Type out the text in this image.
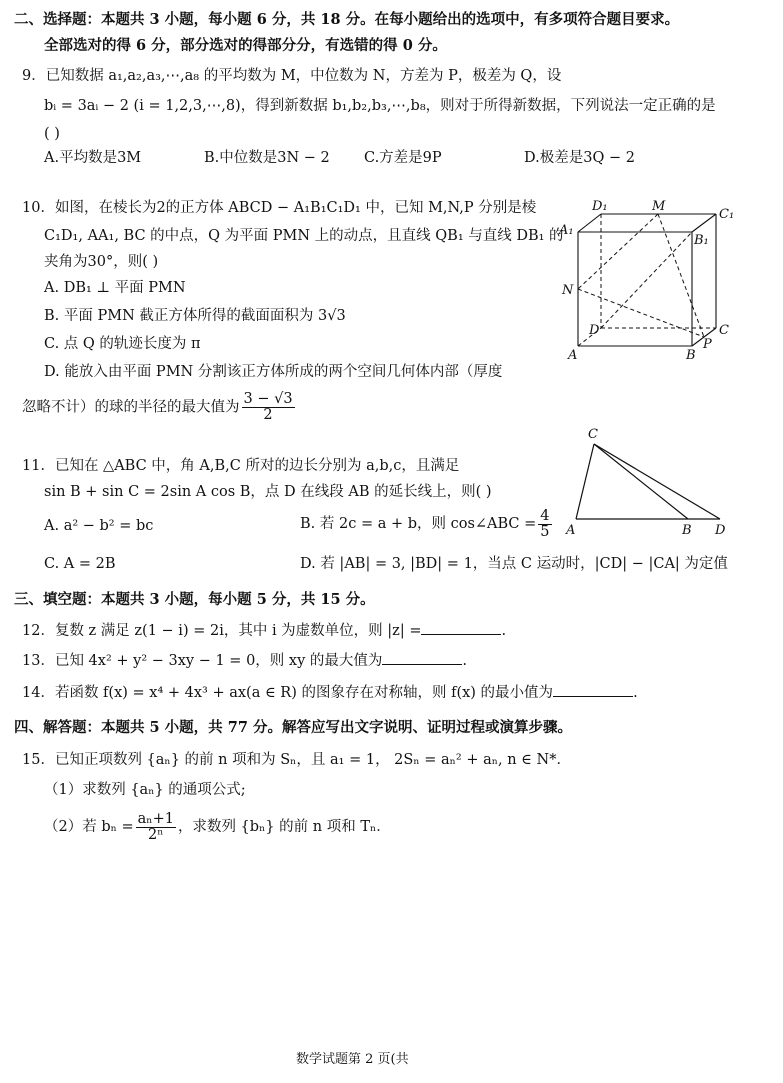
二、选择题：本题共 3 小题，每小题 6 分，共 18 分。在每小题给出的选项中，有多项符合题目要求。
全部选对的得 6 分，部分选对的得部分分，有选错的得 0 分。
9．已知数据 a₁,a₂,a₃,⋯,a₈ 的平均数为 M，中位数为 N，方差为 P，极差为 Q，设
bᵢ = 3aᵢ − 2 (i = 1,2,3,⋯,8)，得到新数据 b₁,b₂,b₃,⋯,b₈，则对于所得新数据，下列说法一定正确的是
( )
A.平均数是3M	B.中位数是3N − 2 C.方差是9P	D.极差是3Q − 2
10．如图，在棱长为2的正方体 ABCD − A₁B₁C₁D₁ 中，已知 M,N,P 分别是棱
C₁D₁, AA₁, BC 的中点，Q 为平面 PMN 上的动点，且直线 QB₁ 与直线 DB₁ 的
夹角为30°，则( )
A. DB₁ ⊥ 平面 PMN
B. 平面 PMN 截正方体所得的截面面积为 3√3
C. 点 Q 的轨迹长度为 π
D. 能放入由平面 PMN 分割该正方体所成的两个空间几何体内部（厚度
忽略不计）的球的半径的最大值为 $\frac{3 - √3}{2}$
D₁	M
C₁
A₁
B₁
N
D	C
P
A	B
11．已知在 △ABC 中，角 A,B,C 所对的边长分别为 a,b,c，且满足
sin B + sin C = 2sin A cos B，点 D 在线段 AB 的延长线上，则( )
A. a² − b² = bc	B. 若 2c = a + b，则 cos∠ABC = $\frac{4}{5}$
C. A = 2B	D. 若 |AB| = 3, |BD| = 1，当点 C 运动时，|CD| − |CA| 为定值
C
A	B D
三、填空题：本题共 3 小题，每小题 5 分，共 15 分。
12．复数 z 满足 z(1 − i) = 2i，其中 i 为虚数单位，则 |z| =	.
13．已知 4x² + y² − 3xy − 1 = 0，则 xy 的最大值为	.
14．若函数 f(x) = x⁴ + 4x³ + ax(a ∈ R) 的图象存在对称轴，则 f(x) 的最小值为	.
四、解答题：本题共 5 小题，共 77 分。解答应写出文字说明、证明过程或演算步骤。
15．已知正项数列 {aₙ} 的前 n 项和为 Sₙ，且 a₁ = 1， 2Sₙ = aₙ² + aₙ, n ∈ N*．
（1）求数列 {aₙ} 的通项公式;
（2）若 $b_n = \frac{\text{aₙ+1}}{\text{2ⁿ}}$ ，求数列 {bₙ} 的前 n 项和 Tₙ．
数学试题第 2 页(共
